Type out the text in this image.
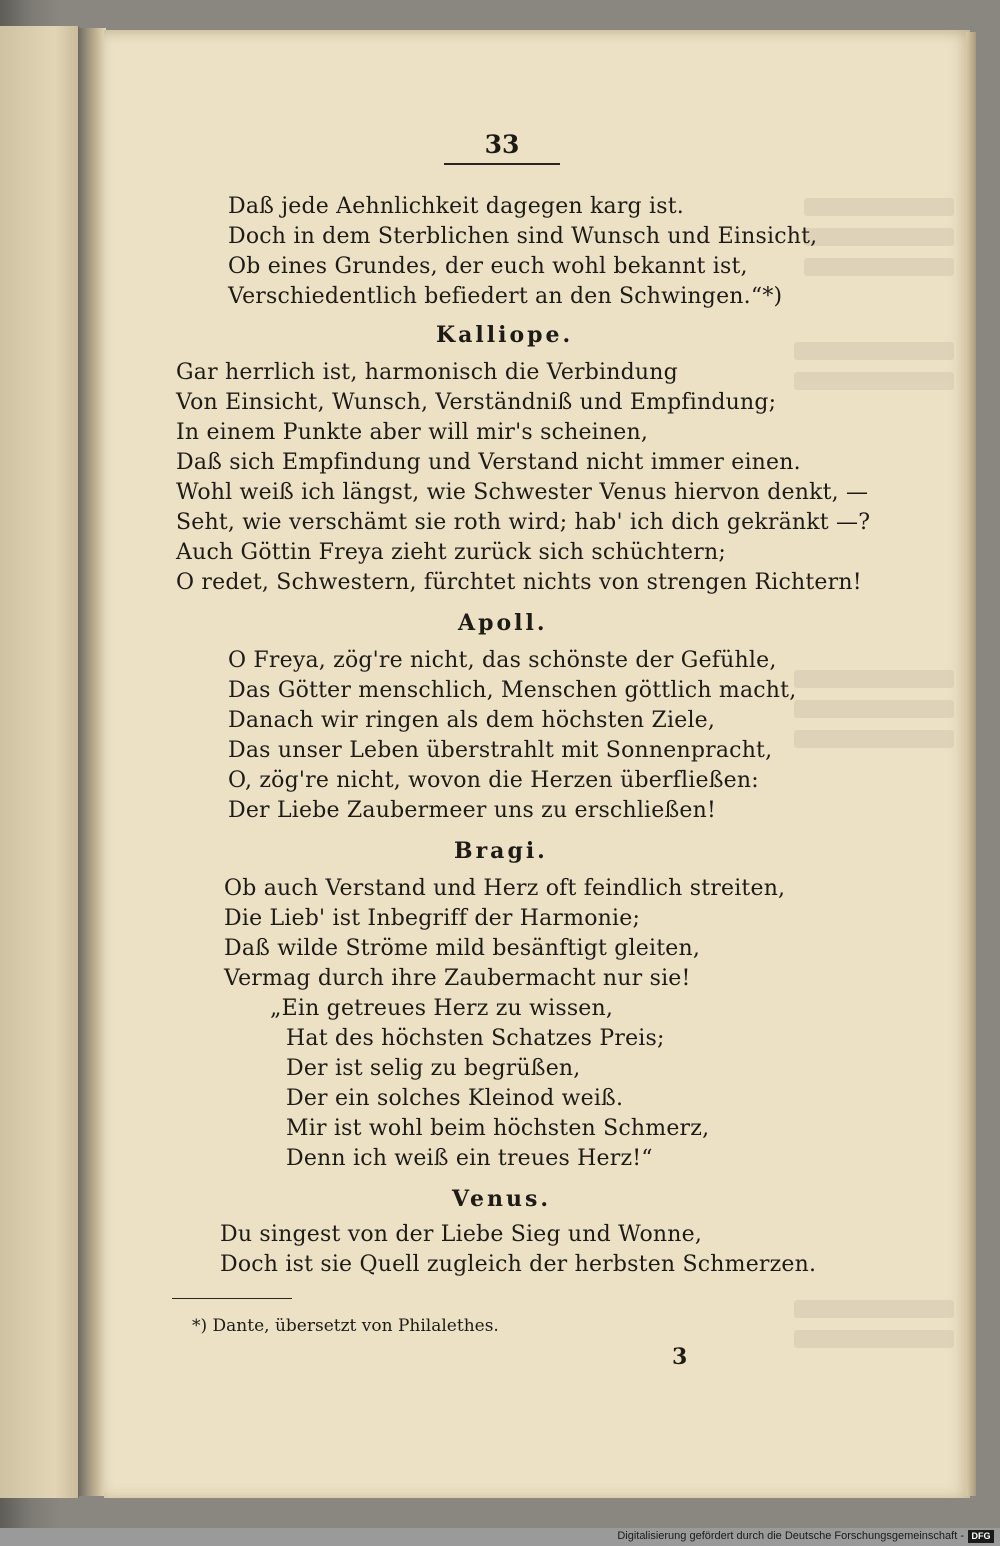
33
Daß jede Aehnlichkeit dagegen karg ist.
Doch in dem Sterblichen sind Wunsch und Einsicht,
Ob eines Grundes, der euch wohl bekannt ist,
Verschiedentlich befiedert an den Schwingen.“*)
Kalliope.
Gar herrlich ist, harmonisch die Verbindung
Von Einsicht, Wunsch, Verständniß und Empfindung;
In einem Punkte aber will mir's scheinen,
Daß sich Empfindung und Verstand nicht immer einen.
Wohl weiß ich längst, wie Schwester Venus hiervon denkt, —
Seht, wie verschämt sie roth wird; hab' ich dich gekränkt —?
Auch Göttin Freya zieht zurück sich schüchtern;
O redet, Schwestern, fürchtet nichts von strengen Richtern!
Apoll.
O Freya, zög're nicht, das schönste der Gefühle,
Das Götter menschlich, Menschen göttlich macht,
Danach wir ringen als dem höchsten Ziele,
Das unser Leben überstrahlt mit Sonnenpracht,
O, zög're nicht, wovon die Herzen überfließen:
Der Liebe Zaubermeer uns zu erschließen!
Bragi.
Ob auch Verstand und Herz oft feindlich streiten,
Die Lieb' ist Inbegriff der Harmonie;
Daß wilde Ströme mild besänftigt gleiten,
Vermag durch ihre Zaubermacht nur sie!
„Ein getreues Herz zu wissen,
Hat des höchsten Schatzes Preis;
Der ist selig zu begrüßen,
Der ein solches Kleinod weiß.
Mir ist wohl beim höchsten Schmerz,
Denn ich weiß ein treues Herz!“
Venus.
Du singest von der Liebe Sieg und Wonne,
Doch ist sie Quell zugleich der herbsten Schmerzen.
*) Dante, übersetzt von Philalethes.
3
Digitalisierung gefördert durch die Deutsche Forschungsgemeinschaft - DFG
